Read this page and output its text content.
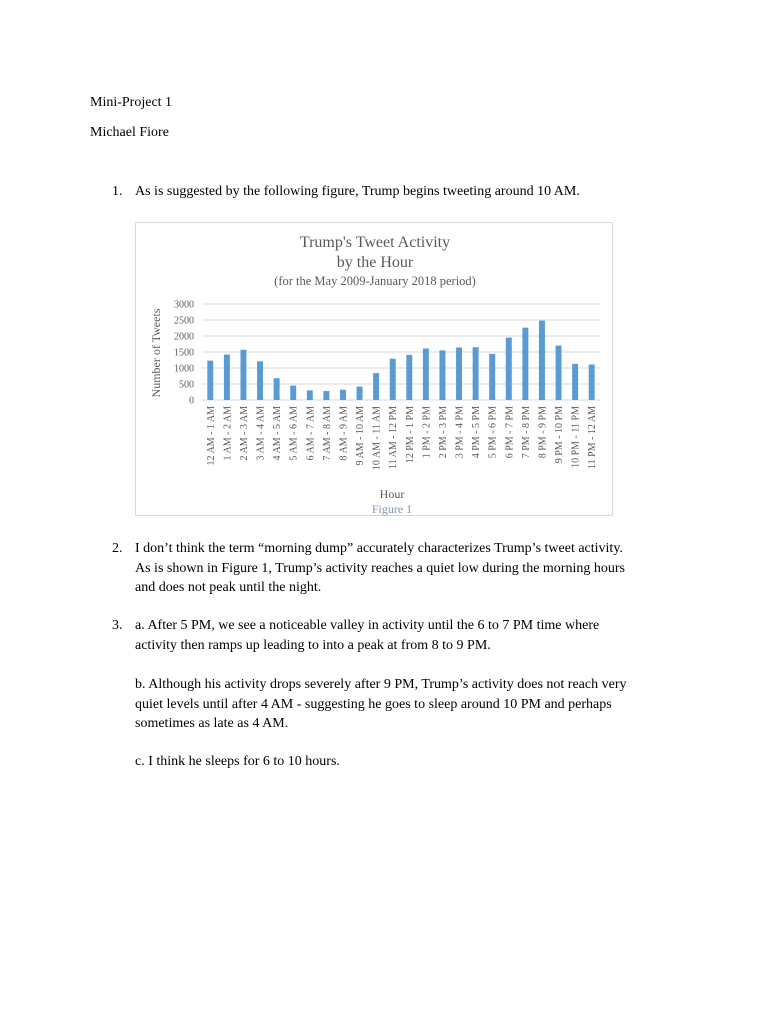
Mini-Project 1
Michael Fiore
1. As is suggested by the following figure, Trump begins tweeting around 10 AM.
Trump's Tweet Activity
by the Hour
(for the May 2009-January 2018 period)
Number of Tweets
0
500
1000
1500
2000
2500
3000
12 AM - 1 AM 1 AM - 2 AM 2 AM - 3 AM 3 AM - 4 AM 4 AM - 5 AM 5 AM - 6 AM 6 AM - 7 AM 7 AM - 8 AM 8 AM - 9 AM 9 AM - 10 AM 10 AM - 11 AM 11 AM - 12 PM 12 PM - 1 PM 1 PM - 2 PM 2 PM - 3 PM 3 PM - 4 PM 4 PM - 5 PM 5 PM - 6 PM 6 PM - 7 PM 7 PM - 8 PM 8 PM - 9 PM 9 PM - 10 PM 10 PM - 11 PM 11 PM - 12 AM
Hour
Figure 1
2. I don’t think the term “morning dump” accurately characterizes Trump’s tweet activity.
As is shown in Figure 1, Trump’s activity reaches a quiet low during the morning hours
and does not peak until the night.
3. a. After 5 PM, we see a noticeable valley in activity until the 6 to 7 PM time where
activity then ramps up leading to into a peak at from 8 to 9 PM.
b. Although his activity drops severely after 9 PM, Trump’s activity does not reach very
quiet levels until after 4 AM - suggesting he goes to sleep around 10 PM and perhaps
sometimes as late as 4 AM.
c. I think he sleeps for 6 to 10 hours.
